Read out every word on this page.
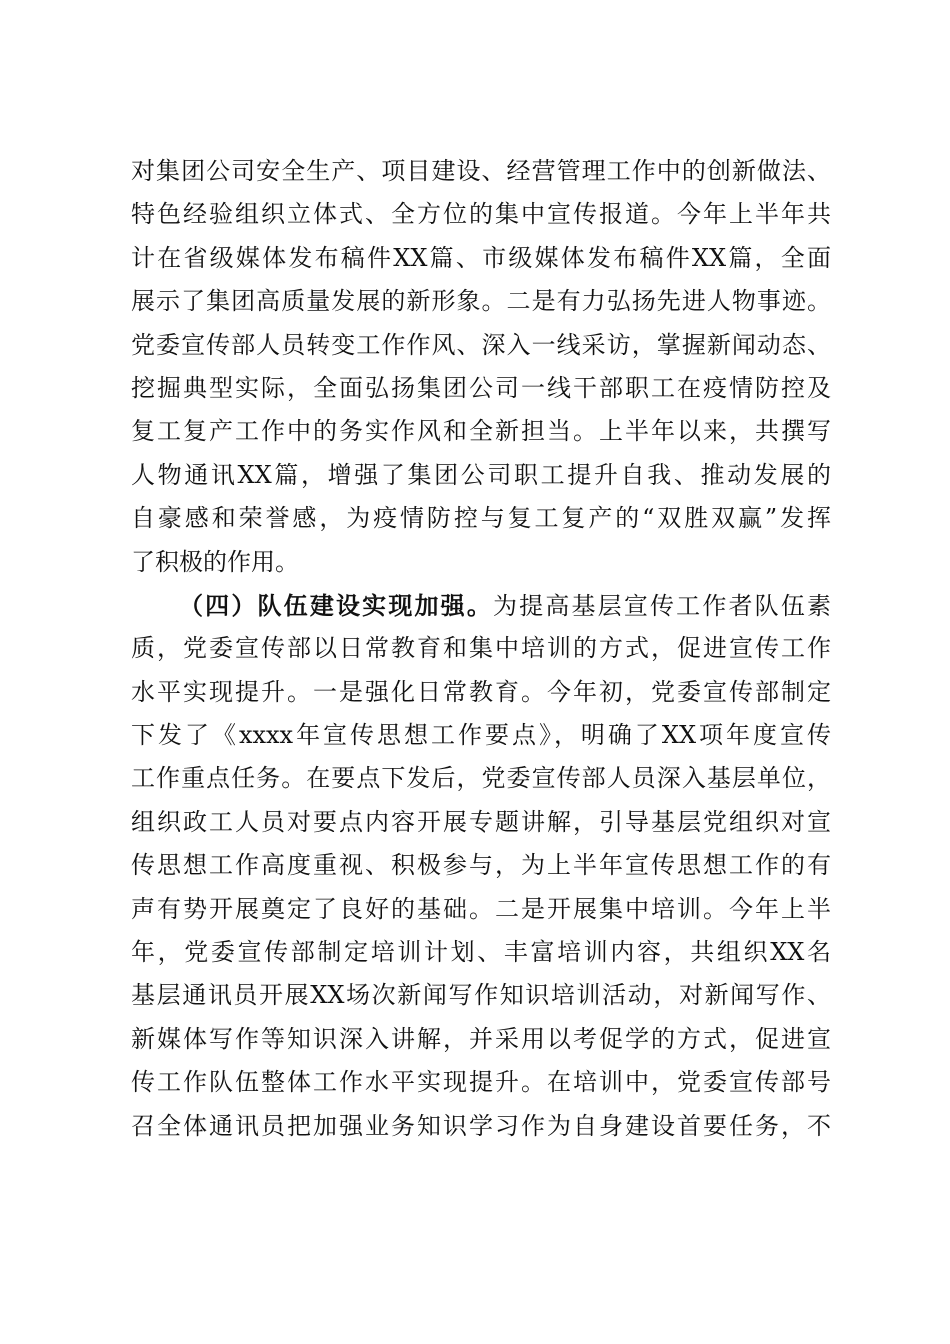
对集团公司安全生产、项目建设、经营管理工作中的创新做法、
特色经验组织立体式、全方位的集中宣传报道。今年上半年共
计在省级媒体发布稿件XX篇、市级媒体发布稿件XX篇，全面
展示了集团高质量发展的新形象。二是有力弘扬先进人物事迹。
党委宣传部人员转变工作作风、深入一线采访，掌握新闻动态、
挖掘典型实际，全面弘扬集团公司一线干部职工在疫情防控及
复工复产工作中的务实作风和全新担当。上半年以来，共撰写
人物通讯XX篇，增强了集团公司职工提升自我、推动发展的
自豪感和荣誉感，为疫情防控与复工复产的“双胜双赢”发挥
了积极的作用。
（四）队伍建设实现加强。为提高基层宣传工作者队伍素
质，党委宣传部以日常教育和集中培训的方式，促进宣传工作
水平实现提升。一是强化日常教育。今年初，党委宣传部制定
下发了《xxxx年宣传思想工作要点》，明确了XX项年度宣传
工作重点任务。在要点下发后，党委宣传部人员深入基层单位，
组织政工人员对要点内容开展专题讲解，引导基层党组织对宣
传思想工作高度重视、积极参与，为上半年宣传思想工作的有
声有势开展奠定了良好的基础。二是开展集中培训。今年上半
年，党委宣传部制定培训计划、丰富培训内容，共组织XX名
基层通讯员开展XX场次新闻写作知识培训活动，对新闻写作、
新媒体写作等知识深入讲解，并采用以考促学的方式，促进宣
传工作队伍整体工作水平实现提升。在培训中，党委宣传部号
召全体通讯员把加强业务知识学习作为自身建设首要任务，不
